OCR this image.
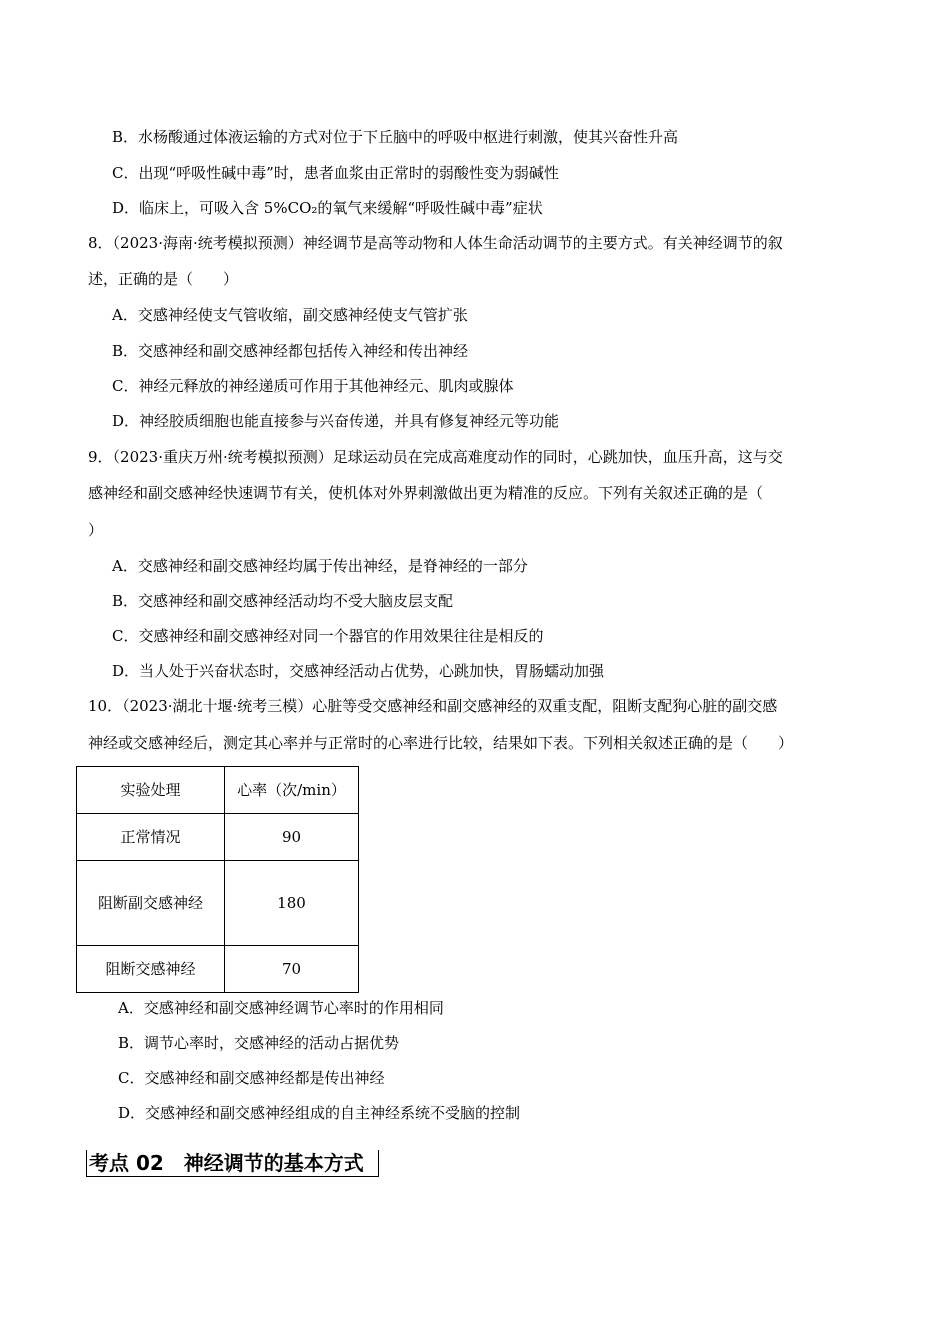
B．水杨酸通过体液运输的方式对位于下丘脑中的呼吸中枢进行刺激，使其兴奋性升高
C．出现“呼吸性碱中毒”时，患者血浆由正常时的弱酸性变为弱碱性
D．临床上，可吸入含 5%CO₂的氧气来缓解“呼吸性碱中毒”症状
8．（2023·海南·统考模拟预测）神经调节是高等动物和人体生命活动调节的主要方式。有关神经调节的叙
述，正确的是（　　）
A．交感神经使支气管收缩，副交感神经使支气管扩张
B．交感神经和副交感神经都包括传入神经和传出神经
C．神经元释放的神经递质可作用于其他神经元、肌肉或腺体
D．神经胶质细胞也能直接参与兴奋传递，并具有修复神经元等功能
9．（2023·重庆万州·统考模拟预测）足球运动员在完成高难度动作的同时，心跳加快，血压升高，这与交
感神经和副交感神经快速调节有关，使机体对外界刺激做出更为精准的反应。下列有关叙述正确的是（
）
A．交感神经和副交感神经均属于传出神经，是脊神经的一部分
B．交感神经和副交感神经活动均不受大脑皮层支配
C．交感神经和副交感神经对同一个器官的作用效果往往是相反的
D．当人处于兴奋状态时，交感神经活动占优势，心跳加快，胃肠蠕动加强
10．（2023·湖北十堰·统考三模）心脏等受交感神经和副交感神经的双重支配，阻断支配狗心脏的副交感
神经或交感神经后，测定其心率并与正常时的心率进行比较，结果如下表。下列相关叙述正确的是（　　）
实验处理	心率（次/min）
正常情况	90
阻断副交感神经	180
阻断交感神经	70
A．交感神经和副交感神经调节心率时的作用相同
B．调节心率时，交感神经的活动占据优势
C．交感神经和副交感神经都是传出神经
D．交感神经和副交感神经组成的自主神经系统不受脑的控制
考点 02　神经调节的基本方式
